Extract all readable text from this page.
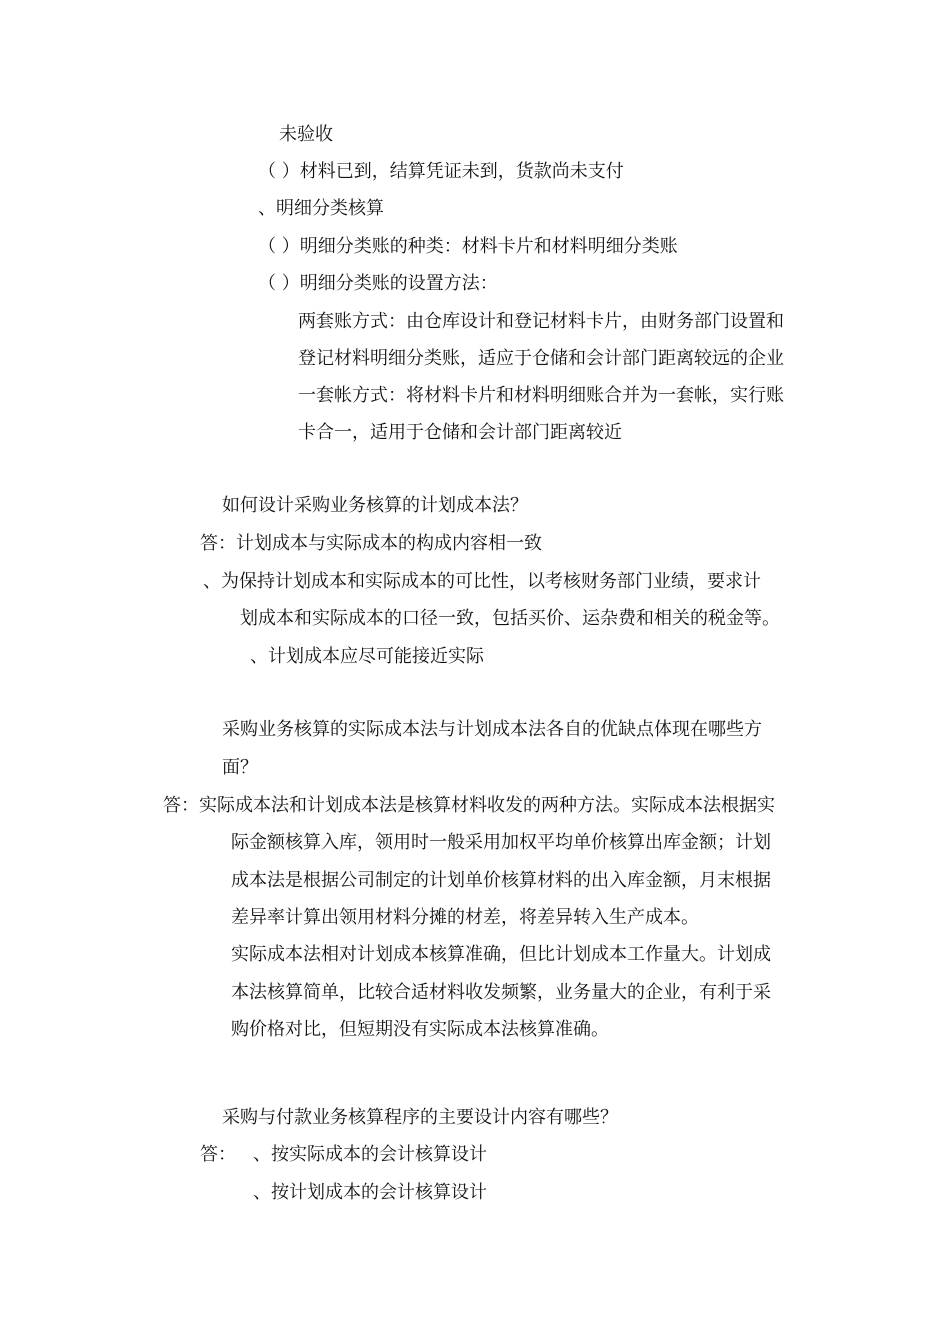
未验收
（ ）材料已到，结算凭证未到，货款尚未支付
、明细分类核算
（ ）明细分类账的种类：材料卡片和材料明细分类账
（ ）明细分类账的设置方法：
两套账方式：由仓库设计和登记材料卡片，由财务部门设置和
登记材料明细分类账，适应于仓储和会计部门距离较远的企业
一套帐方式：将材料卡片和材料明细账合并为一套帐，实行账
卡合一，适用于仓储和会计部门距离较近
如何设计采购业务核算的计划成本法？
答：计划成本与实际成本的构成内容相一致
、为保持计划成本和实际成本的可比性，以考核财务部门业绩，要求计
划成本和实际成本的口径一致，包括买价、运杂费和相关的税金等。
、计划成本应尽可能接近实际
采购业务核算的实际成本法与计划成本法各自的优缺点体现在哪些方
面？
答：实际成本法和计划成本法是核算材料收发的两种方法。实际成本法根据实
际金额核算入库，领用时一般采用加权平均单价核算出库金额；计划
成本法是根据公司制定的计划单价核算材料的出入库金额，月末根据
差异率计算出领用材料分摊的材差，将差异转入生产成本。
实际成本法相对计划成本核算准确，但比计划成本工作量大。计划成
本法核算简单，比较合适材料收发频繁，业务量大的企业，有利于采
购价格对比，但短期没有实际成本法核算准确。
采购与付款业务核算程序的主要设计内容有哪些？
答： 、按实际成本的会计核算设计
、按计划成本的会计核算设计
